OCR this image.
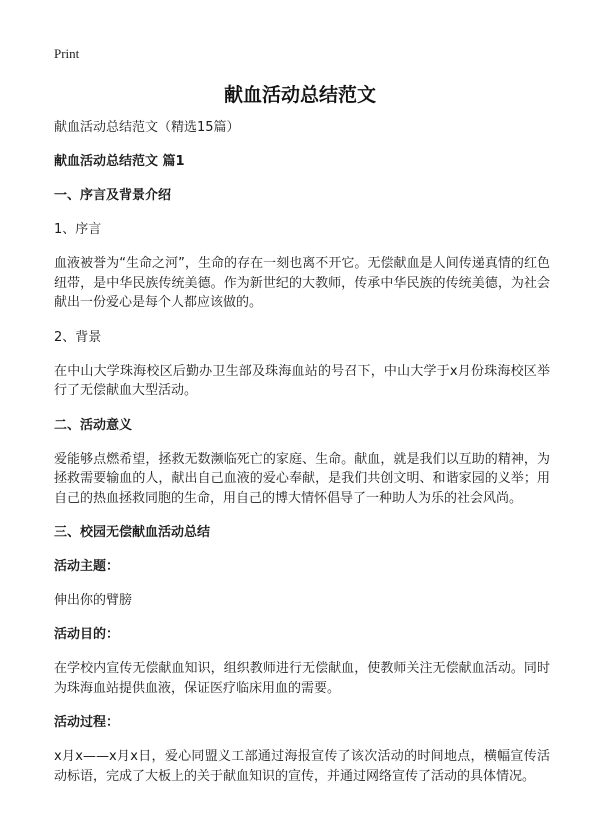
Print
献血活动总结范文
献血活动总结范文（精选15篇）
献血活动总结范文 篇1
一、序言及背景介绍
1、序言
血液被誉为“生命之河”，生命的存在一刻也离不开它。无偿献血是人间传递真情的红色纽带，是中华民族传统美德。作为新世纪的大教师，传承中华民族的传统美德，为社会献出一份爱心是每个人都应该做的。
2、背景
在中山大学珠海校区后勤办卫生部及珠海血站的号召下，中山大学于x月份珠海校区举行了无偿献血大型活动。
二、活动意义
爱能够点燃希望，拯救无数濒临死亡的家庭、生命。献血，就是我们以互助的精神，为拯救需要输血的人，献出自己血液的爱心奉献，是我们共创文明、和谐家园的义举；用自己的热血拯救同胞的生命，用自己的博大情怀倡导了一种助人为乐的社会风尚。
三、校园无偿献血活动总结
活动主题：
伸出你的臂膀
活动目的：
在学校内宣传无偿献血知识，组织教师进行无偿献血，使教师关注无偿献血活动。同时为珠海血站提供血液，保证医疗临床用血的需要。
活动过程：
x月x——x月x日，爱心同盟义工部通过海报宣传了该次活动的时间地点，横幅宣传活动标语，完成了大板上的关于献血知识的宣传，并通过网络宣传了活动的具体情况。
